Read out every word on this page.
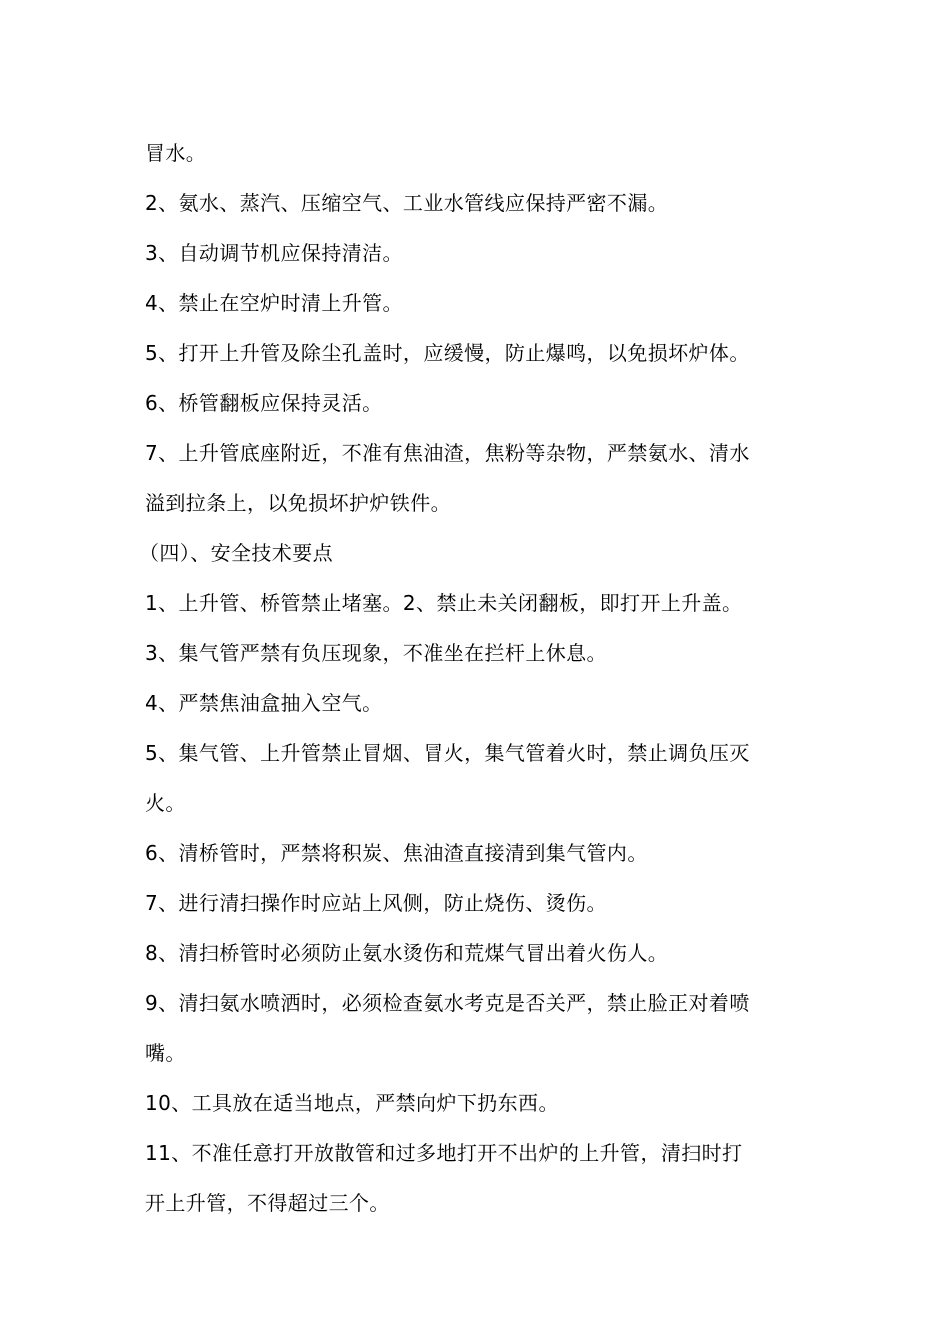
冒水。
2、氨水、蒸汽、压缩空气、工业水管线应保持严密不漏。
3、自动调节机应保持清洁。
4、禁止在空炉时清上升管。
5、打开上升管及除尘孔盖时，应缓慢，防止爆鸣，以免损坏炉体。
6、桥管翻板应保持灵活。
7、上升管底座附近，不准有焦油渣，焦粉等杂物，严禁氨水、清水
溢到拉条上，以免损坏护炉铁件。
（四）、安全技术要点
1、上升管、桥管禁止堵塞。2、禁止未关闭翻板，即打开上升盖。
3、集气管严禁有负压现象，不准坐在拦杆上休息。
4、严禁焦油盒抽入空气。
5、集气管、上升管禁止冒烟、冒火，集气管着火时，禁止调负压灭
火。
6、清桥管时，严禁将积炭、焦油渣直接清到集气管内。
7、进行清扫操作时应站上风侧，防止烧伤、烫伤。
8、清扫桥管时必须防止氨水烫伤和荒煤气冒出着火伤人。
9、清扫氨水喷洒时，必须检查氨水考克是否关严，禁止脸正对着喷
嘴。
10、工具放在适当地点，严禁向炉下扔东西。
11、不准任意打开放散管和过多地打开不出炉的上升管，清扫时打
开上升管，不得超过三个。
